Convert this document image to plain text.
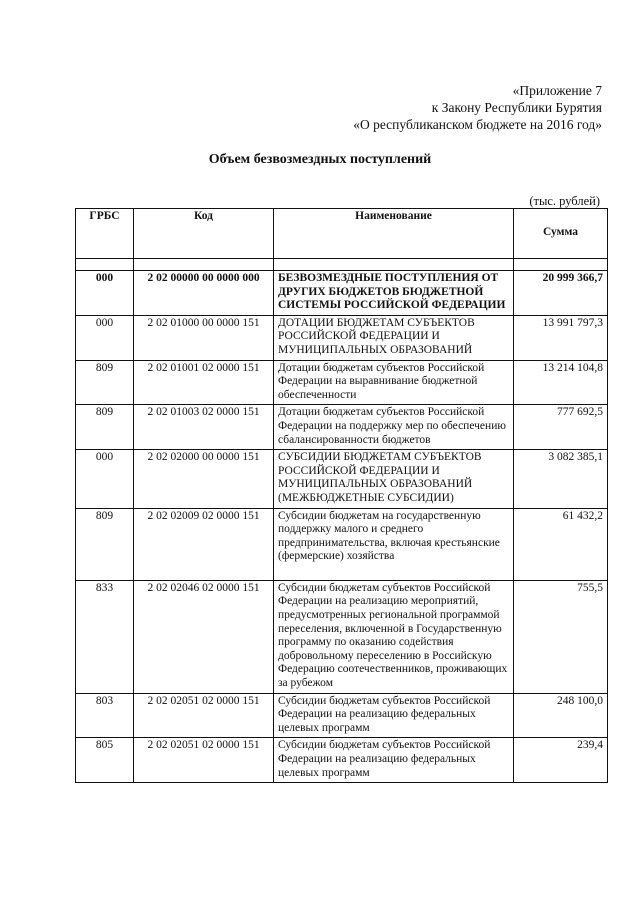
«Приложение 7
к Закону Республики Бурятия
«О республиканском бюджете на 2016 год»
Объем безвозмездных поступлений
(тыс. рублей)
ГРБС	Код	Наименование	Сумма

000	2 02 00000 00 0000 000	БЕЗВОЗМЕЗДНЫЕ ПОСТУПЛЕНИЯ ОТ ДРУГИХ БЮДЖЕТОВ БЮДЖЕТНОЙ СИСТЕМЫ РОССИЙСКОЙ ФЕДЕРАЦИИ	20 999 366,7
000	2 02 01000 00 0000 151	ДОТАЦИИ БЮДЖЕТАМ СУБЪЕКТОВ РОССИЙСКОЙ ФЕДЕРАЦИИ И МУНИЦИПАЛЬНЫХ ОБРАЗОВАНИЙ	13 991 797,3
809	2 02 01001 02 0000 151	Дотации бюджетам субъектов Российской Федерации на выравнивание бюджетной обеспеченности	13 214 104,8
809	2 02 01003 02 0000 151	Дотации бюджетам субъектов Российской Федерации на поддержку мер по обеспечению сбалансированности бюджетов	777 692,5
000	2 02 02000 00 0000 151	СУБСИДИИ БЮДЖЕТАМ СУБЪЕКТОВ РОССИЙСКОЙ ФЕДЕРАЦИИ И МУНИЦИПАЛЬНЫХ ОБРАЗОВАНИЙ (МЕЖБЮДЖЕТНЫЕ СУБСИДИИ)	3 082 385,1
809	2 02 02009 02 0000 151	Субсидии бюджетам на государственную поддержку малого и среднего предпринимательства, включая крестьянские (фермерские) хозяйства	61 432,2
833	2 02 02046 02 0000 151	Субсидии бюджетам субъектов Российской Федерации на реализацию мероприятий, предусмотренных региональной программой переселения, включенной в Государственную программу по оказанию содействия добровольному переселению в Российскую Федерацию соотечественников, проживающих за рубежом	755,5
803	2 02 02051 02 0000 151	Субсидии бюджетам субъектов Российской Федерации на реализацию федеральных целевых программ	248 100,0
805	2 02 02051 02 0000 151	Субсидии бюджетам субъектов Российской Федерации на реализацию федеральных целевых программ	239,4
